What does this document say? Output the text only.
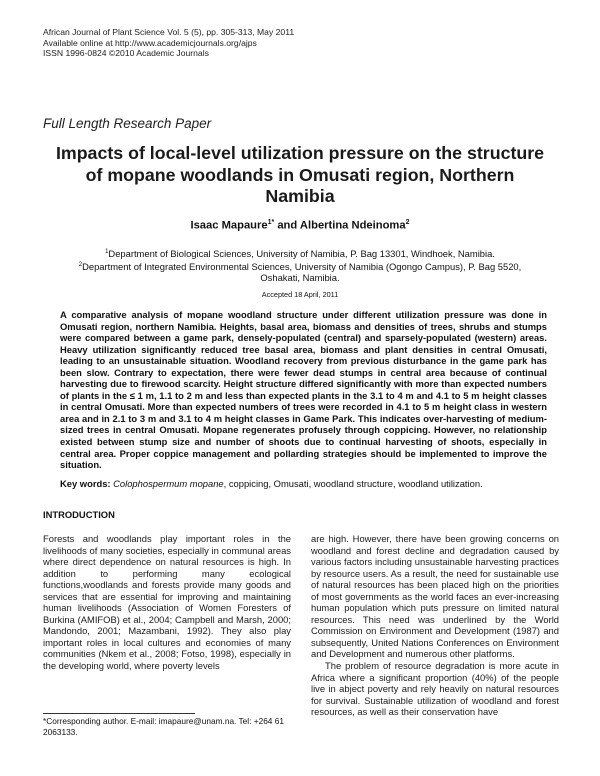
African Journal of Plant Science Vol. 5 (5), pp. 305-313, May 2011
Available online at http://www.academicjournals.org/ajps
ISSN 1996-0824 ©2010 Academic Journals
Full Length Research Paper
Impacts of local-level utilization pressure on the structure of mopane woodlands in Omusati region, Northern Namibia
Isaac Mapaure$^{1*}$ and Albertina Ndeinoma$^2$
$^1$Department of Biological Sciences, University of Namibia, P. Bag 13301, Windhoek, Namibia.
$^2$Department of Integrated Environmental Sciences, University of Namibia (Ogongo Campus), P. Bag 5520, Oshakati, Namibia.
Accepted 18 April, 2011
A comparative analysis of mopane woodland structure under different utilization pressure was done in Omusati region, northern Namibia. Heights, basal area, biomass and densities of trees, shrubs and stumps were compared between a game park, densely-populated (central) and sparsely-populated (western) areas. Heavy utilization significantly reduced tree basal area, biomass and plant densities in central Omusati, leading to an unsustainable situation. Woodland recovery from previous disturbance in the game park has been slow. Contrary to expectation, there were fewer dead stumps in central area because of continual harvesting due to firewood scarcity. Height structure differed significantly with more than expected numbers of plants in the ≤ 1 m, 1.1 to 2 m and less than expected plants in the 3.1 to 4 m and 4.1 to 5 m height classes in central Omusati. More than expected numbers of trees were recorded in 4.1 to 5 m height class in western area and in 2.1 to 3 m and 3.1 to 4 m height classes in Game Park. This indicates over-harvesting of medium-sized trees in central Omusati. Mopane regenerates profusely through coppicing. However, no relationship existed between stump size and number of shoots due to continual harvesting of shoots, especially in central area. Proper coppice management and pollarding strategies should be implemented to improve the situation.
Key words: Colophospermum mopane, coppicing, Omusati, woodland structure, woodland utilization.
INTRODUCTION

Forests and woodlands play important roles in the livelihoods of many societies, especially in communal areas where direct dependence on natural resources is high. In addition to performing many ecological functions,woodlands and forests provide many goods and services that are essential for improving and maintaining human livelihoods (Association of Women Foresters of Burkina (AMIFOB) et al., 2004; Campbell and Marsh, 2000; Mandondo, 2001; Mazambani, 1992). They also play important roles in local cultures and economies of many communities (Nkem et al., 2008; Fotso, 1998), especially in the developing world, where poverty levels

are high. However, there have been growing concerns on woodland and forest decline and degradation caused by various factors including unsustainable harvesting practices by resource users. As a result, the need for sustainable use of natural resources has been placed high on the priorities of most governments as the world faces an ever-increasing human population which puts pressure on limited natural resources. This need was underlined by the World Commission on Environment and Development (1987) and subsequently, United Nations Conferences on Environment and Development and numerous other platforms.

The problem of resource degradation is more acute in Africa where a significant proportion (40%) of the people live in abject poverty and rely heavily on natural resources for survival. Sustainable utilization of woodland and forest resources, as well as their conservation have

*Corresponding author. E-mail: imapaure@unam.na. Tel: +264 61 2063133.
